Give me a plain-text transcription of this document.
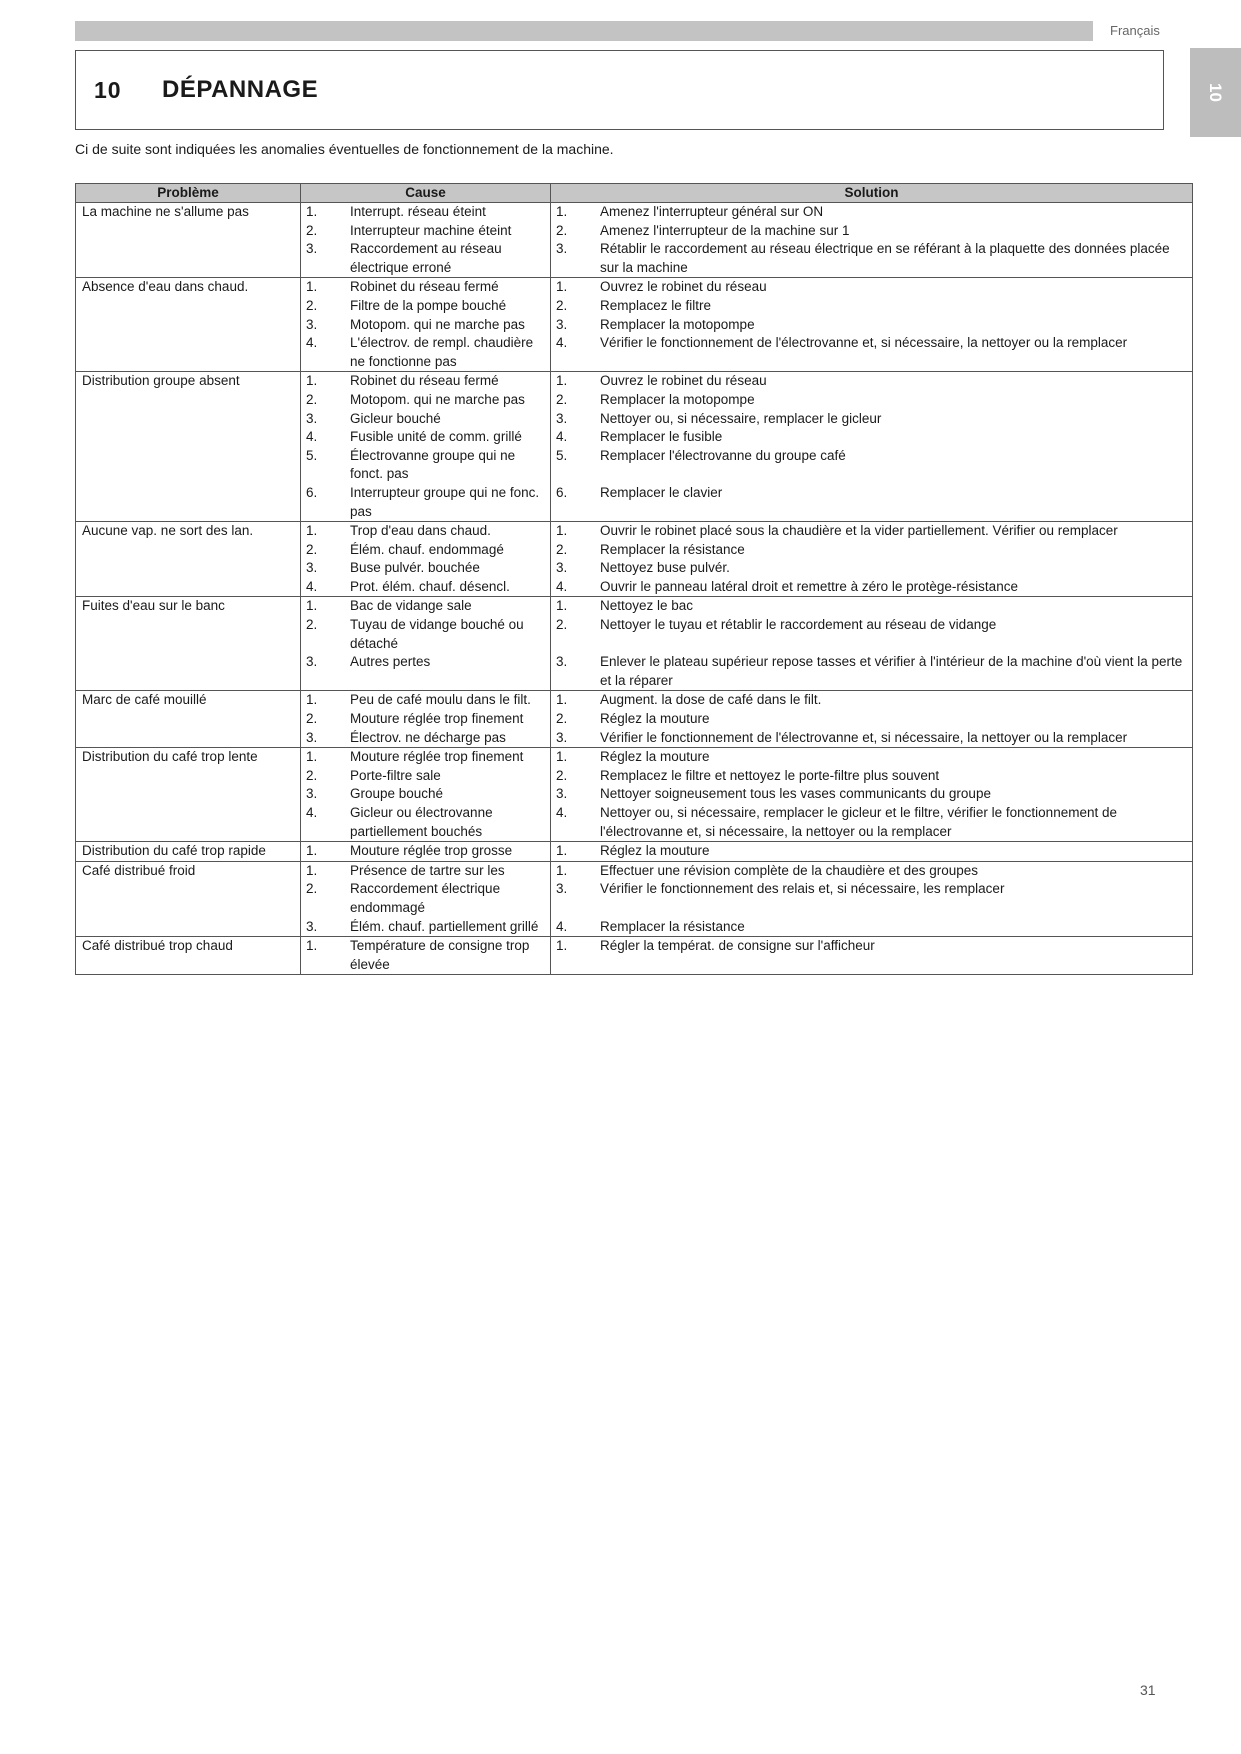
Français
10
10 DÉPANNAGE
Ci de suite sont indiquées les anomalies éventuelles de fonctionnement de la machine.
Problème	Cause		Solution	
La machine ne s'allume pas	1.	Interrupt. réseau éteint	1.	Amenez l'interrupteur général sur ON
	2.	Interrupteur machine éteint	2.	Amenez l'interrupteur de la machine sur 1
	3.	Raccordement au réseau électrique erroné	3.	Rétablir le raccordement au réseau électrique en se référant à la plaquette des données placée sur la machine
Absence d'eau dans chaud.	1.	Robinet du réseau fermé	1.	Ouvrez le robinet du réseau
	2.	Filtre de la pompe bouché	2.	Remplacez le filtre
	3.	Motopom. qui ne marche pas	3.	Remplacer la motopompe
	4.	L'électrov. de rempl. chaudière ne fonctionne pas	4.	Vérifier le fonctionnement de l'électrovanne et, si nécessaire, la nettoyer ou la remplacer
Distribution groupe absent	1.	Robinet du réseau fermé	1.	Ouvrez le robinet du réseau
	2.	Motopom. qui ne marche pas	2.	Remplacer la motopompe
	3.	Gicleur bouché	3.	Nettoyer ou, si nécessaire, remplacer le gicleur
	4.	Fusible unité de comm. grillé	4.	Remplacer le fusible
	5.	Électrovanne groupe qui ne fonct. pas	5.	Remplacer l'électrovanne du groupe café
	6.	Interrupteur groupe qui ne fonc. pas	6.	Remplacer le clavier
Aucune vap. ne sort des lan.	1.	Trop d'eau dans chaud.	1.	Ouvrir le robinet placé sous la chaudière et la vider partiellement. Vérifier ou remplacer
	2.	Élém. chauf. endommagé	2.	Remplacer la résistance
	3.	Buse pulvér. bouchée	3.	Nettoyez buse pulvér.
	4.	Prot. élém. chauf. désencl.	4.	Ouvrir le panneau latéral droit et remettre à zéro le protège-résistance
Fuites d'eau sur le banc	1.	Bac de vidange sale	1.	Nettoyez le bac
	2.	Tuyau de vidange bouché ou détaché	2.	Nettoyer le tuyau et rétablir le raccordement au réseau de vidange
	3.	Autres pertes	3.	Enlever le plateau supérieur repose tasses et vérifier à l'intérieur de la machine d'où vient la perte et la réparer
Marc de café mouillé	1.	Peu de café moulu dans le filt.	1.	Augment. la dose de café dans le filt.
	2.	Mouture réglée trop finement	2.	Réglez la mouture
	3.	Électrov. ne décharge pas	3.	Vérifier le fonctionnement de l'électrovanne et, si nécessaire, la nettoyer ou la remplacer
Distribution du café trop lente	1.	Mouture réglée trop finement	1.	Réglez la mouture
	2.	Porte-filtre sale	2.	Remplacez le filtre et nettoyez le porte-filtre plus souvent
	3.	Groupe bouché	3.	Nettoyer soigneusement tous les vases communicants du groupe
	4.	Gicleur ou électrovanne partiellement bouchés	4.	Nettoyer ou, si nécessaire, remplacer le gicleur et le filtre, vérifier le fonctionnement de l'électrovanne et, si nécessaire, la nettoyer ou la remplacer
Distribution du café trop rapide	1.	Mouture réglée trop grosse	1.	Réglez la mouture
Café distribué froid	1.	Présence de tartre sur les	1.	Effectuer une révision complète de la chaudière et des groupes
	2.	Raccordement électrique endommagé	3.	Vérifier le fonctionnement des relais et, si nécessaire, les remplacer
	3.	Élém. chauf. partiellement grillé	4.	Remplacer la résistance
Café distribué trop chaud	1.	Température de consigne trop élevée	1.	Régler la températ. de consigne sur l'afficheur
31
